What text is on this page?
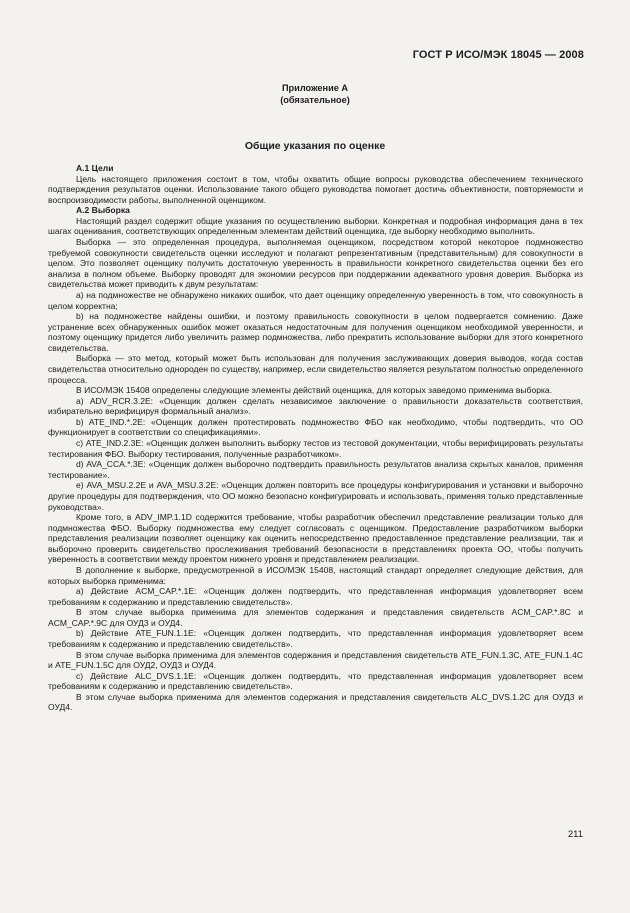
ГОСТ Р ИСО/МЭК 18045 — 2008
Приложение А
(обязательное)
Общие указания по оценке

А.1 Цели

Цель настоящего приложения состоит в том, чтобы охватить общие вопросы руководства обеспечением технического подтверждения результатов оценки. Использование такого общего руководства помогает достичь объективности, повторяемости и воспроизводимости работы, выполненной оценщиком.

А.2 Выборка

Настоящий раздел содержит общие указания по осуществлению выборки. Конкретная и подробная информация дана в тех шагах оценивания, соответствующих определенным элементам действий оценщика, где выборку необходимо выполнить.

Выборка — это определенная процедура, выполняемая оценщиком, посредством которой некоторое подмножество требуемой совокупности свидетельств оценки исследуют и полагают репрезентативным (представительным) для совокупности в целом. Это позволяет оценщику получить достаточную уверенность в правильности конкретного свидетельства оценки без его анализа в полном объеме. Выборку проводят для экономии ресурсов при поддержании адекватного уровня доверия. Выборка из свидетельства может приводить к двум результатам:

а) на подмножестве не обнаружено никаких ошибок, что дает оценщику определенную уверенность в том, что совокупность в целом корректна;

b) на подмножестве найдены ошибки, и поэтому правильность совокупности в целом подвергается сомнению. Даже устранение всех обнаруженных ошибок может оказаться недостаточным для получения оценщиком необходимой уверенности, и поэтому оценщику придется либо увеличить размер подмножества, либо прекратить использование выборки для этого конкретного свидетельства.

Выборка — это метод, который может быть использован для получения заслуживающих доверия выводов, когда состав свидетельства относительно однороден по существу, например, если свидетельство является результатом полностью определенного процесса.

В ИСО/МЭК 15408 определены следующие элементы действий оценщика, для которых заведомо применима выборка.

а) ADV_RCR.3.2E: «Оценщик должен сделать независимое заключение о правильности доказательств соответствия, избирательно верифицируя формальный анализ».

b) ATE_IND.*.2E: «Оценщик должен протестировать подмножество ФБО как необходимо, чтобы подтвердить, что ОО функционирует в соответствии со спецификациями».

с) ATE_IND.2.3E: «Оценщик должен выполнить выборку тестов из тестовой документации, чтобы верифицировать результаты тестирования ФБО. Выборку тестирования, полученные разработчиком».

d) AVA_CCA.*.3E: «Оценщик должен выборочно подтвердить правильность результатов анализа скрытых каналов, применяя тестирование».

е) AVA_MSU.2.2E и AVA_MSU.3.2E: «Оценщик должен повторить все процедуры конфигурирования и установки и выборочно другие процедуры для подтверждения, что ОО можно безопасно конфигурировать и использовать, применяя только представленные руководства».

Кроме того, в ADV_IMP.1.1D содержится требование, чтобы разработчик обеспечил представление реализации только для подмножества ФБО. Выборку подмножества ему следует согласовать с оценщиком. Предоставление разработчиком выборки представления реализации позволяет оценщику как оценить непосредственно предоставленное представление реализации, так и выборочно проверить свидетельство прослеживания требований безопасности в представлениях проекта ОО, чтобы получить уверенность в соответствии между проектом нижнего уровня и представлением реализации.

В дополнение к выборке, предусмотренной в ИСО/МЭК 15408, настоящий стандарт определяет следующие действия, для которых выборка применима:

а) Действие ACM_CAP.*.1E: «Оценщик должен подтвердить, что представленная информация удовлетворяет всем требованиям к содержанию и представлению свидетельств».

В этом случае выборка применима для элементов содержания и представления свидетельств ACM_CAP.*.8C и ACM_CAP.*.9C для ОУД3 и ОУД4.

b) Действие ATE_FUN.1.1E: «Оценщик должен подтвердить, что представленная информация удовлетворяет всем требованиям к содержанию и представлению свидетельств».

В этом случае выборка применима для элементов содержания и представления свидетельств ATE_FUN.1.3C, ATE_FUN.1.4C и ATE_FUN.1.5C для ОУД2, ОУД3 и ОУД4.

с) Действие ALC_DVS.1.1E: «Оценщик должен подтвердить, что представленная информация удовлетворяет всем требованиям к содержанию и представлению свидетельств».

В этом случае выборка применима для элементов содержания и представления свидетельств ALC_DVS.1.2C для ОУД3 и ОУД4.

211
